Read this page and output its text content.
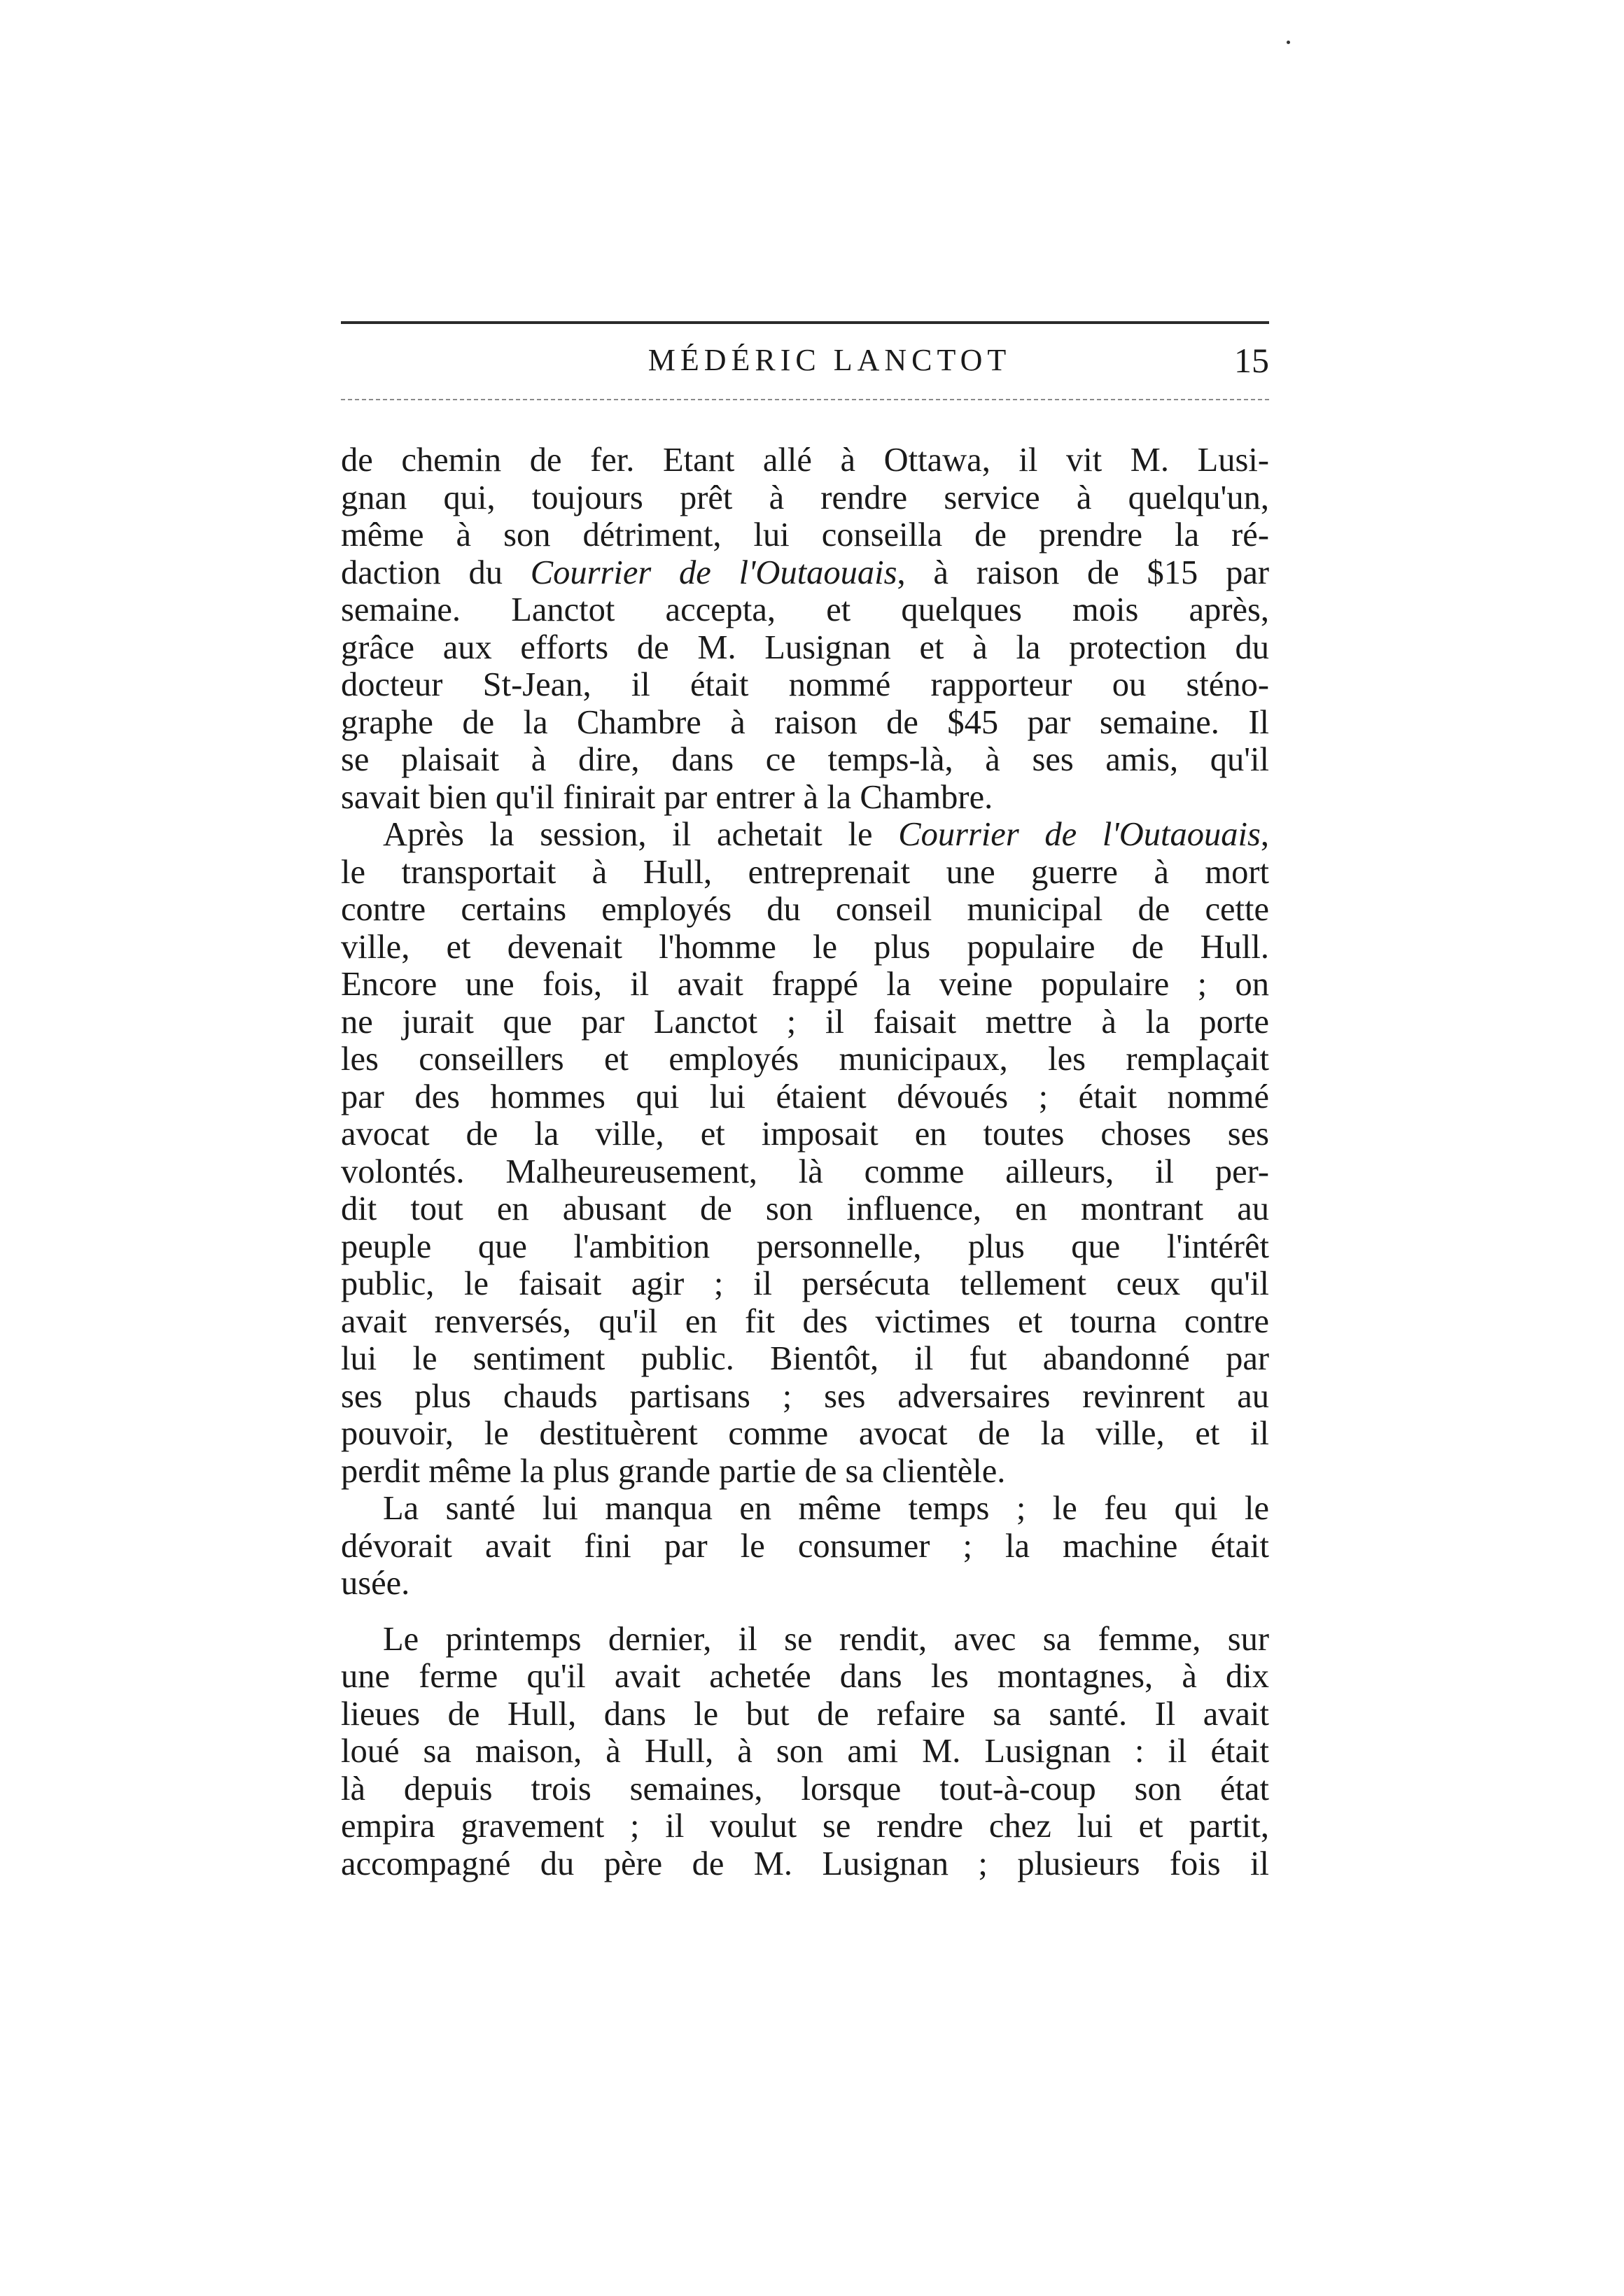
MÉDÉRIC LANCTOT	15
de chemin de fer. Etant allé à Ottawa, il vit M. Lusi-
gnan qui, toujours prêt à rendre service à quelqu'un,
même à son détriment, lui conseilla de prendre la ré-
daction du Courrier de l'Outaouais, à raison de $15 par
semaine. Lanctot accepta, et quelques mois après,
grâce aux efforts de M. Lusignan et à la protection du
docteur St-Jean, il était nommé rapporteur ou sténo-
graphe de la Chambre à raison de $45 par semaine. Il
se plaisait à dire, dans ce temps-là, à ses amis, qu'il
savait bien qu'il finirait par entrer à la Chambre.
Après la session, il achetait le Courrier de l'Outaouais,
le transportait à Hull, entreprenait une guerre à mort
contre certains employés du conseil municipal de cette
ville, et devenait l'homme le plus populaire de Hull.
Encore une fois, il avait frappé la veine populaire ; on
ne jurait que par Lanctot ; il faisait mettre à la porte
les conseillers et employés municipaux, les remplaçait
par des hommes qui lui étaient dévoués ; était nommé
avocat de la ville, et imposait en toutes choses ses
volontés. Malheureusement, là comme ailleurs, il per-
dit tout en abusant de son influence, en montrant au
peuple que l'ambition personnelle, plus que l'intérêt
public, le faisait agir ; il persécuta tellement ceux qu'il
avait renversés, qu'il en fit des victimes et tourna contre
lui le sentiment public. Bientôt, il fut abandonné par
ses plus chauds partisans ; ses adversaires revinrent au
pouvoir, le destituèrent comme avocat de la ville, et il
perdit même la plus grande partie de sa clientèle.
La santé lui manqua en même temps ; le feu qui le
dévorait avait fini par le consumer ; la machine était
usée.
Le printemps dernier, il se rendit, avec sa femme, sur
une ferme qu'il avait achetée dans les montagnes, à dix
lieues de Hull, dans le but de refaire sa santé. Il avait
loué sa maison, à Hull, à son ami M. Lusignan : il était
là depuis trois semaines, lorsque tout-à-coup son état
empira gravement ; il voulut se rendre chez lui et partit,
accompagné du père de M. Lusignan ; plusieurs fois il
